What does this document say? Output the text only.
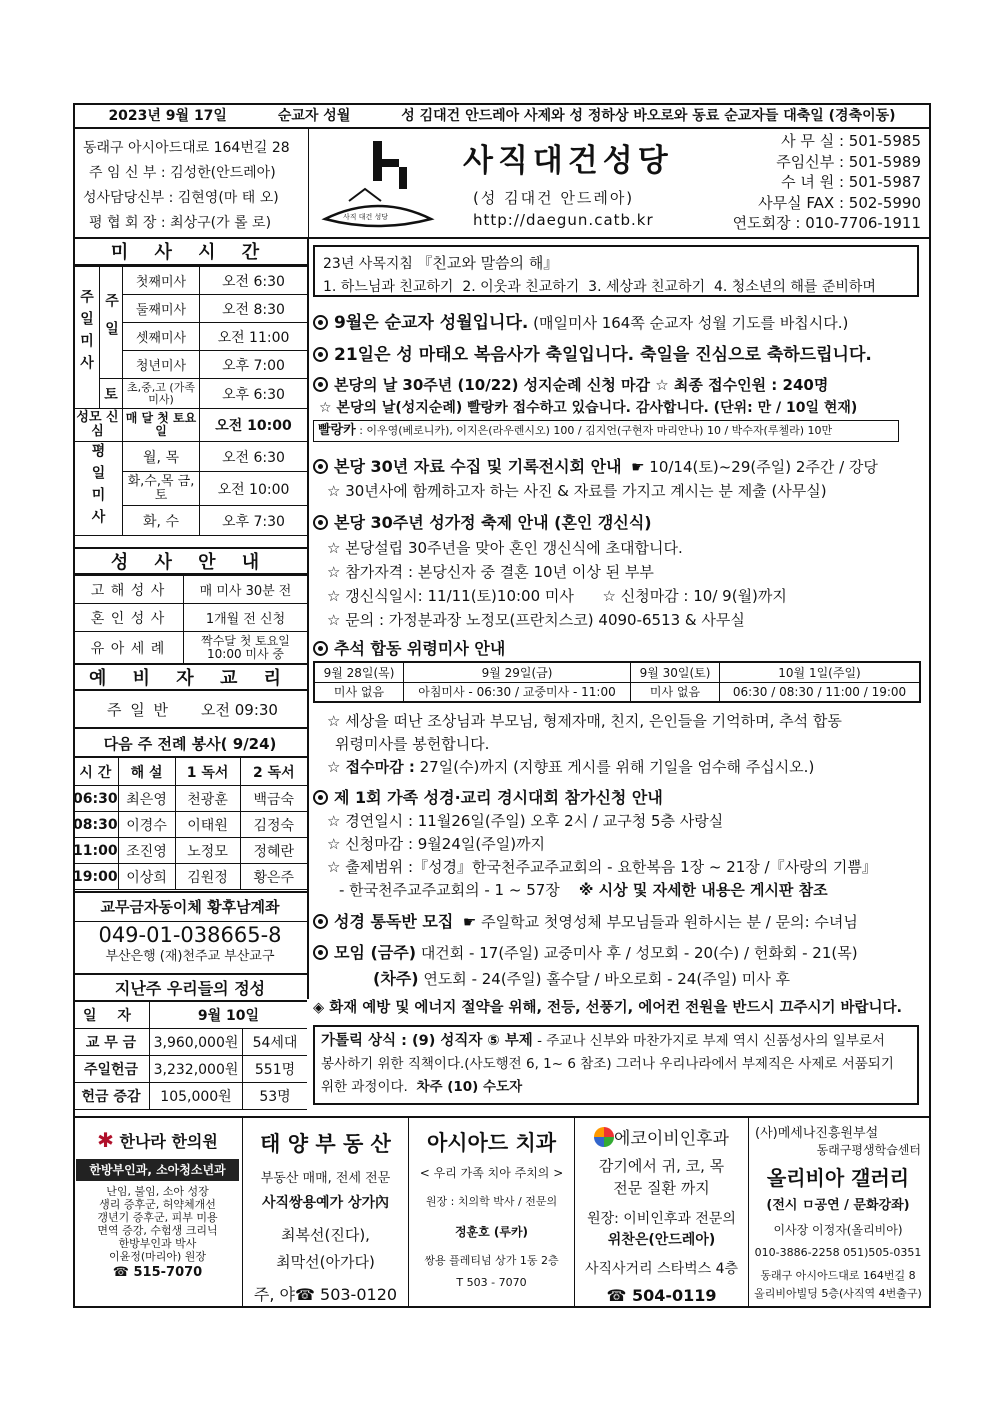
2023년 9월 17일	순교자 성월	성 김대건 안드레아 사제와 성 정하상 바오로와 동료 순교자들 대축일 (경축이동)
동래구 아시아드대로 164번길 28
주 임 신 부 : 김성한(안드레아)
성사담당신부 : 김현영(마 태 오)
평 협 회 장 : 최상구(가 롤 로)	사직 대건 성당
사직대건성당
(성 김대건 안드레아)
http://daegun.catb.kr
사 무 실 : 501-5985
주임신부 : 501-5989
수 녀 원 : 501-5987
사무실 FAX : 502-5990
연도회장 : 010-7706-1911
미 사 시 간
주일미사	주일	첫째미사	오전 6:30
		둘째미사	오전 8:30
		셋째미사	오전 11:00
		청년미사	오후 7:00
	토	초,중,고 (가족미사)	오후 6:30
성모 신심		매 달 첫 토요일	오전 10:00
평일미사		월, 목	오전 6:30
		화,수,목 금, 토	오전 10:00
		화, 수	오후 7:30
성 사 안 내
고 해 성 사	매 미사 30분 전
혼 인 성 사	1개월 전 신청
유 아 세 례	짝수달 첫 토요일 10:00 미사 중
예 비 자 교 리
주 일 반 오전 09:30
다음 주 전례 봉사( 9/24)
시 간	해 설	1 독서	2 독서
06:30	최은영	천광훈	백금숙
08:30	이경수	이태원	김정숙
11:00	조진영	노정모	정혜란
19:00	이상희	김원정	황은주
교무금자동이체 황후남계좌
049-01-038665-8
부산은행 (재)천주교 부산교구
지난주 우리들의 정성
일 자	9월 10일	
교 무 금	3,960,000원	54세대
주일헌금	3,232,000원	551명
헌금 증감	105,000원	53명
23년 사목지침 『친교와 말씀의 해』
1. 하느님과 친교하기  2. 이웃과 친교하기  3. 세상과 친교하기  4. 청소년의 해를 준비하며
9월은 순교자 성월입니다. (매일미사 164쪽 순교자 성월 기도를 바칩시다.)
21일은 성 마태오 복음사가 축일입니다. 축일을 진심으로 축하드립니다.
본당의 날 30주년 (10/22) 성지순례 신청 마감 ☆ 최종 접수인원 : 240명
☆ 본당의 날(성지순례) 빨랑카 접수하고 있습니다. 감사합니다. (단위: 만 / 10일 현재)
빨랑카 : 이우영(베로니카), 이지은(라우렌시오) 100 / 김지언(구현자 마리안나) 10 / 박수자(루첼라) 10만
본당 30년 자료 수집 및 기록전시회 안내 ☛ 10/14(토)~29(주일) 2주간 / 강당
☆ 30년사에 함께하고자 하는 사진 & 자료를 가지고 계시는 분 제출 (사무실)
본당 30주년 성가정 축제 안내 (혼인 갱신식)
☆ 본당설립 30주년을 맞아 혼인 갱신식에 초대합니다.
☆ 참가자격 : 본당신자 중 결혼 10년 이상 된 부부
☆ 갱신식일시: 11/11(토)10:00 미사      ☆ 신청마감 : 10/ 9(월)까지
☆ 문의 : 가정분과장 노정모(프란치스코) 4090-6513 & 사무실
추석 합동 위령미사 안내
9월 28일(목)	9월 29일(금)	9월 30일(토)	10월 1일(주일)
미사 없음	아침미사 - 06:30 / 교중미사 - 11:00	미사 없음	06:30 / 08:30 / 11:00 / 19:00
☆ 세상을 떠난 조상님과 부모님, 형제자매, 친지, 은인들을 기억하며, 추석 합동
위령미사를 봉헌합니다.
☆ 접수마감 : 27일(수)까지 (지향표 게시를 위해 기일을 엄수해 주십시오.)
제 1회 가족 성경·교리 경시대회 참가신청 안내
☆ 경연일시 : 11월26일(주일) 오후 2시 / 교구청 5층 사랑실
☆ 신청마감 : 9월24일(주일)까지
☆ 출제범위 :『성경』한국천주교주교회의 - 요한복음 1장 ~ 21장 /『사랑의 기쁨』
- 한국천주교주교회의 - 1 ~ 57장 ※ 시상 및 자세한 내용은 게시판 참조
성경 통독반 모집 ☛ 주일학교 첫영성체 부모님들과 원하시는 분 / 문의: 수녀님
모임 (금주) 대건회 - 17(주일) 교중미사 후 / 성모회 - 20(수) / 헌화회 - 21(목)
(차주) 연도회 - 24(주일) 홀수달 / 바오로회 - 24(주일) 미사 후
◈ 화재 예방 및 에너지 절약을 위해, 전등, 선풍기, 에어컨 전원을 반드시 끄주시기 바랍니다.
가톨릭 상식 : (9) 성직자 ⑤ 부제 - 주교나 신부와 마찬가지로 부제 역시 신품성사의 일부로서
봉사하기 위한 직책이다.(사도행전 6, 1~ 6 참조) 그러나 우리나라에서 부제직은 사제로 서품되기
위한 과정이다. 차주 (10) 수도자
✱ 한나라 한의원
한방부인과, 소아청소년과
난임, 불임, 소아 성장
생리 증후군, 허약체개선
갱년기 증후군, 피부 미용
면역 증강, 수험생 크리닉
한방부인과 박사
이윤정(마리아) 원장
☎ 515-7070
태 양 부 동 산
부동산 매매, 전세 전문
사직쌍용예가 상가內
최복선(진다),
최막선(아가다)
주, 야☎ 503-0120
아시아드 치과
< 우리 가족 치아 주치의 >
원장 : 치의학 박사 / 전문의
정훈호 (루카)
쌍용 플레티넘 상가 1동 2층
T 503 - 7070
에코이비인후과
감기에서 귀, 코, 목
전문 질환 까지
원장: 이비인후과 전문의
위찬은(안드레아)
사직사거리 스타벅스 4층
☎ 504-0119
(사)메세나진흥원부설
동래구평생학습센터
올리비아 갤러리
(전시 ㅁ공연 / 문화강좌)
이사장 이정자(올리비아)
010-3886-2258 051)505-0351
동래구 아시아드대로 164번길 8
올리비아빌딩 5층(사직역 4번출구)
